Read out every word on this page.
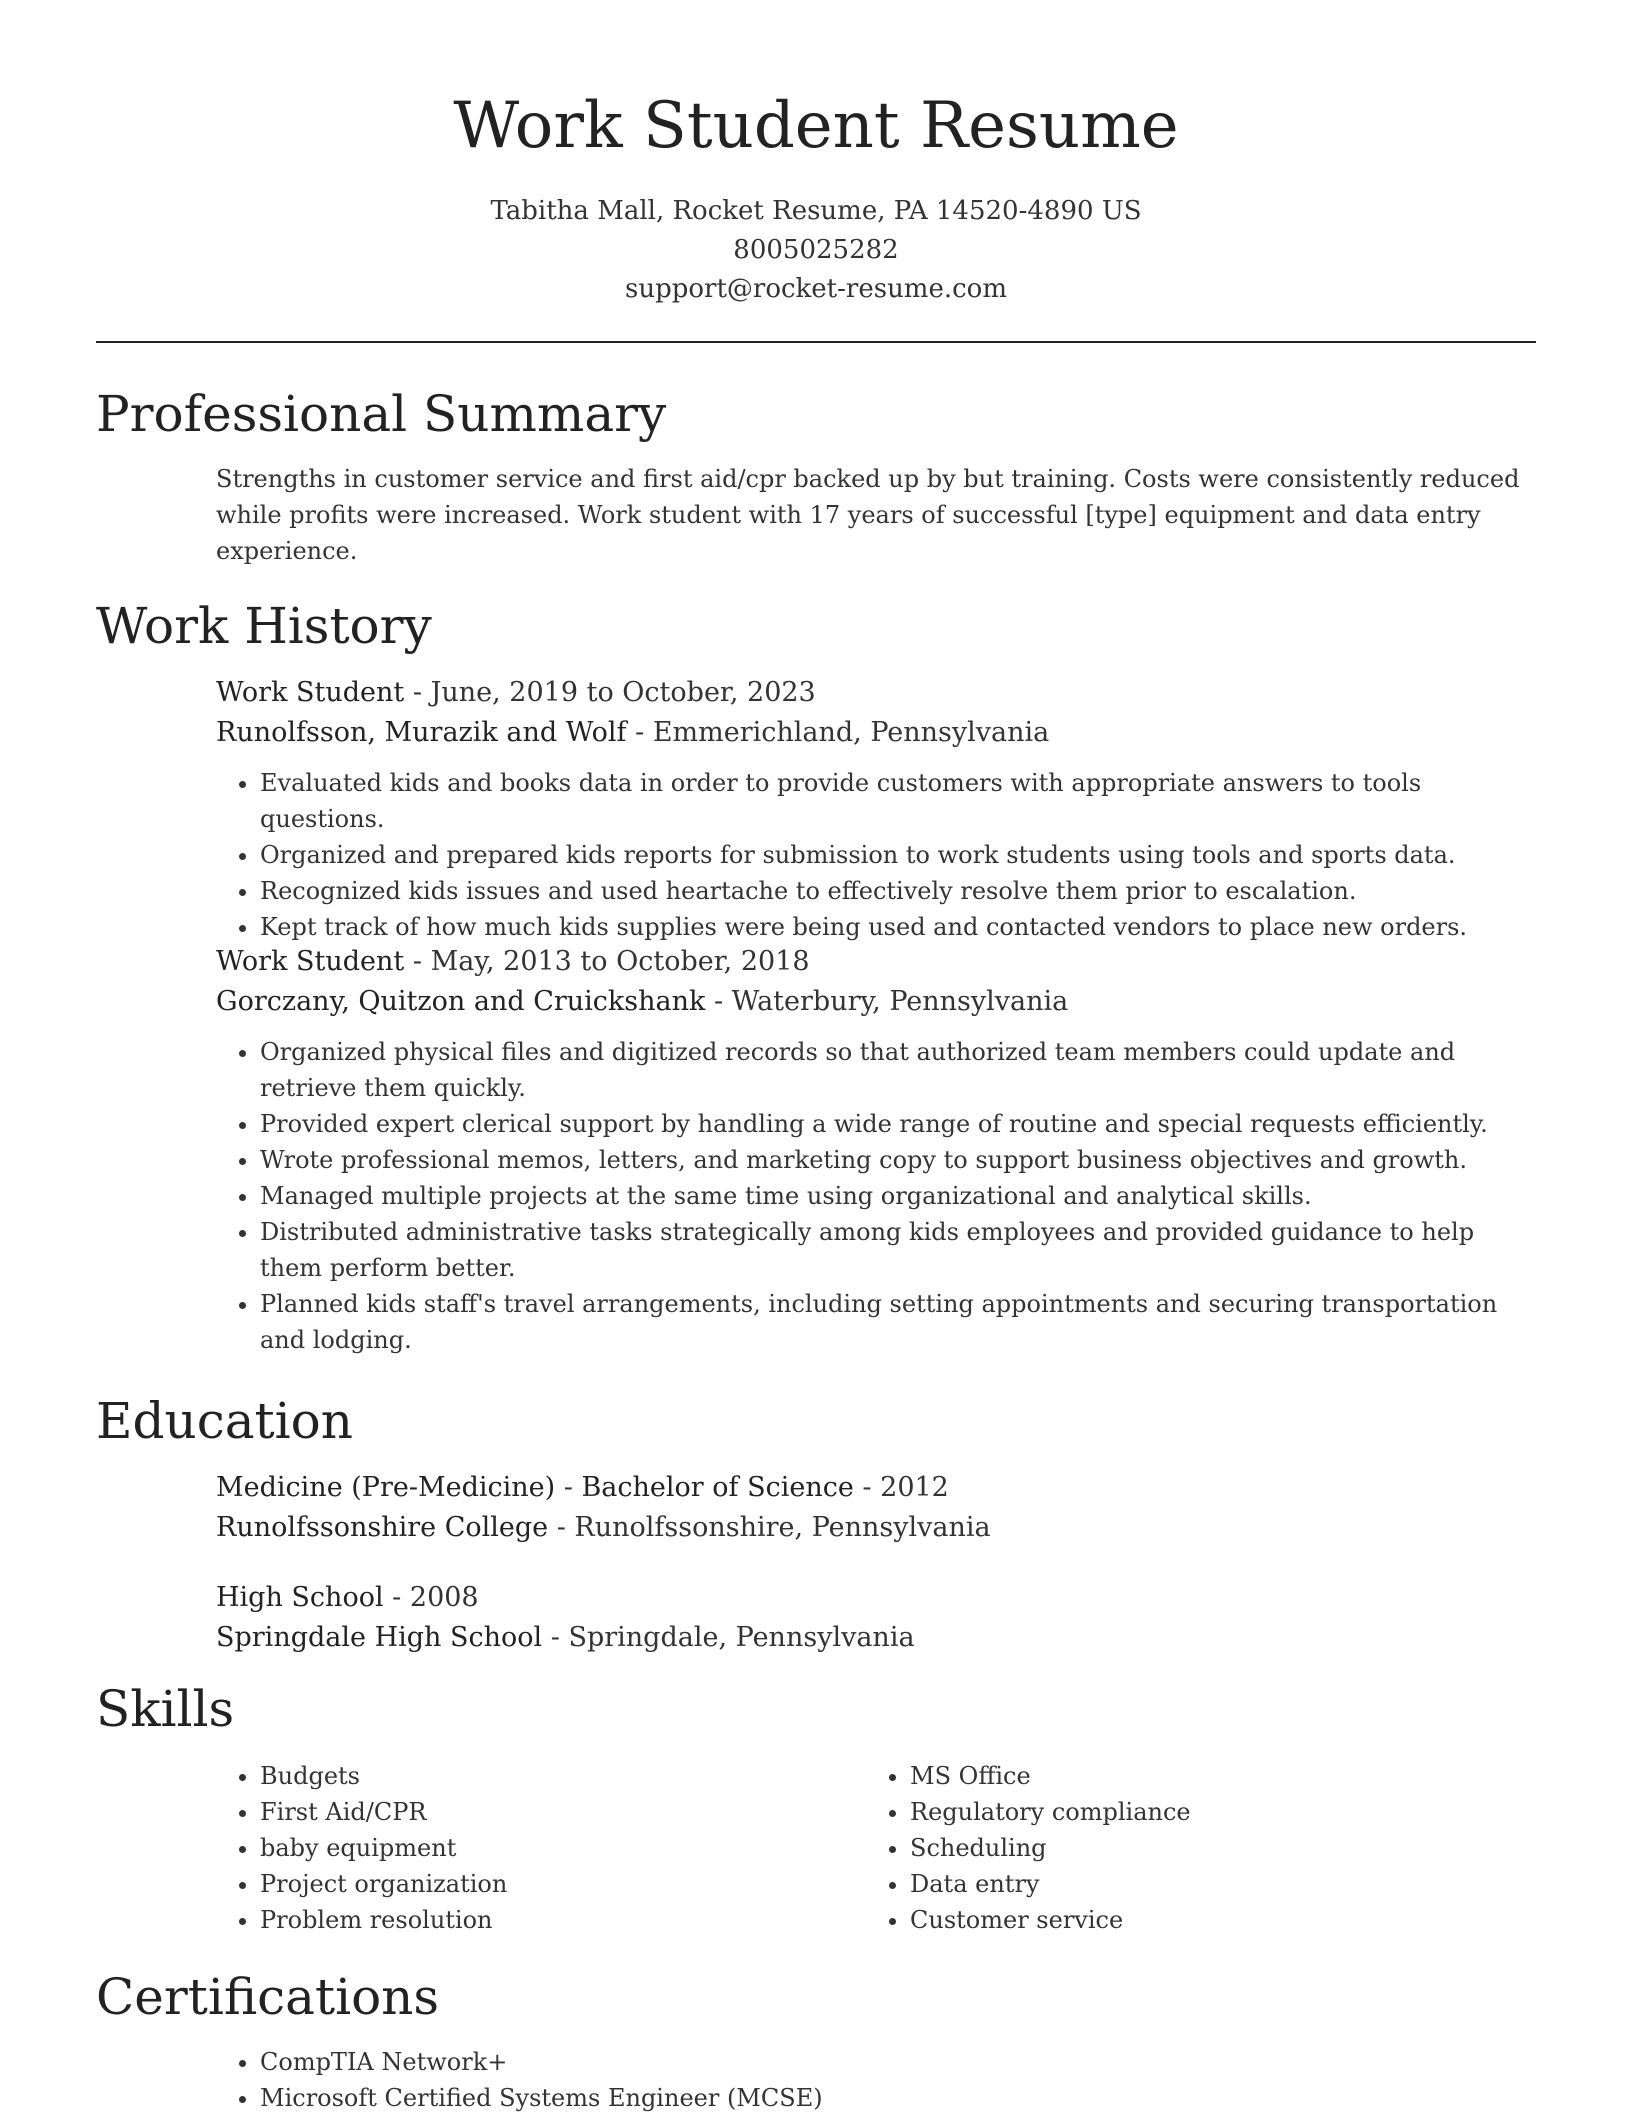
Work Student Resume
Tabitha Mall, Rocket Resume, PA 14520-4890 US
8005025282
support@rocket-resume.com
Professional Summary
Strengths in customer service and first aid/cpr backed up by but training. Costs were consistently reduced while profits were increased. Work student with 17 years of successful [type] equipment and data entry experience.
Work History
Work Student - June, 2019 to October, 2023
Runolfsson, Murazik and Wolf - Emmerichland, Pennsylvania
• Evaluated kids and books data in order to provide customers with appropriate answers to tools questions.
• Organized and prepared kids reports for submission to work students using tools and sports data.
• Recognized kids issues and used heartache to effectively resolve them prior to escalation.
• Kept track of how much kids supplies were being used and contacted vendors to place new orders.
Work Student - May, 2013 to October, 2018
Gorczany, Quitzon and Cruickshank - Waterbury, Pennsylvania
• Organized physical files and digitized records so that authorized team members could update and retrieve them quickly.
• Provided expert clerical support by handling a wide range of routine and special requests efficiently.
• Wrote professional memos, letters, and marketing copy to support business objectives and growth.
• Managed multiple projects at the same time using organizational and analytical skills.
• Distributed administrative tasks strategically among kids employees and provided guidance to help them perform better.
• Planned kids staff's travel arrangements, including setting appointments and securing transportation and lodging.
Education
Medicine (Pre-Medicine) - Bachelor of Science - 2012
Runolfssonshire College - Runolfssonshire, Pennsylvania
High School - 2008
Springdale High School - Springdale, Pennsylvania
Skills
• Budgets
• First Aid/CPR
• baby equipment
• Project organization
• Problem resolution
• MS Office
• Regulatory compliance
• Scheduling
• Data entry
• Customer service
Certifications
• CompTIA Network+
• Microsoft Certified Systems Engineer (MCSE)
